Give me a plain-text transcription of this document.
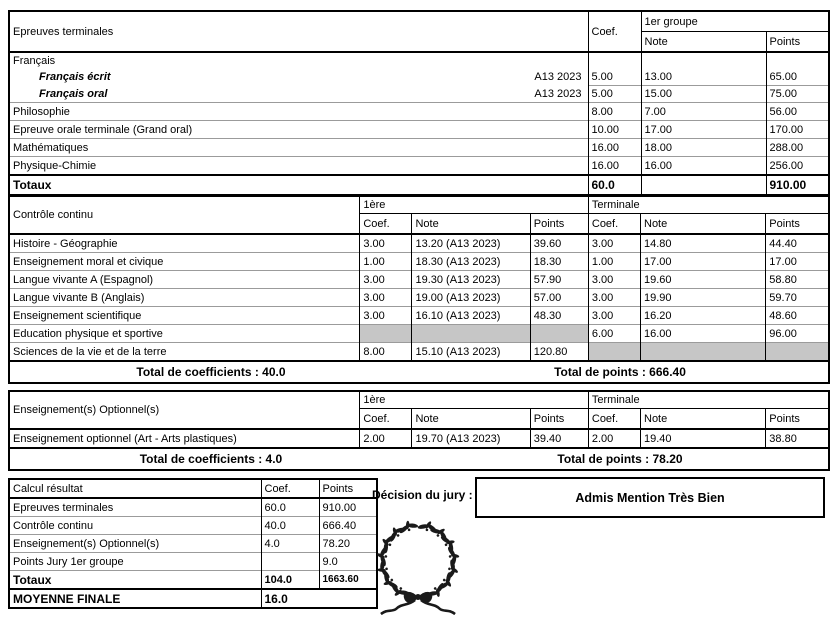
Epreuves terminales	Coef.	1er groupe	
		Note	Points
Français			

Français écrit A13 2023	5.00	13.00	65.00

Français oral A13 2023	5.00	15.00	75.00
Philosophie	8.00	7.00	56.00
Epreuve orale terminale (Grand oral)	10.00	17.00	170.00
Mathématiques	16.00	18.00	288.00
Physique-Chimie	16.00	16.00	256.00
Totaux	60.0		910.00
Contrôle continu	1ère			Terminale		
	Coef.	Note	Points	Coef.	Note	Points
Histoire - Géographie	3.00	13.20 (A13 2023)	39.60	3.00	14.80	44.40
Enseignement moral et civique	1.00	18.30 (A13 2023)	18.30	1.00	17.00	17.00
Langue vivante A (Espagnol)	3.00	19.30 (A13 2023)	57.90	3.00	19.60	58.80
Langue vivante B (Anglais)	3.00	19.00 (A13 2023)	57.00	3.00	19.90	59.70
Enseignement scientifique	3.00	16.10 (A13 2023)	48.30	3.00	16.20	48.60
Education physique et sportive				6.00	16.00	96.00
Sciences de la vie et de la terre	8.00	15.10 (A13 2023)	120.80			
Total de coefficients : 40.0		Total de points : 666.40				
Enseignement(s) Optionnel(s)	1ère			Terminale		
	Coef.	Note	Points	Coef.	Note	Points
Enseignement optionnel (Art - Arts plastiques)	2.00	19.70 (A13 2023)	39.40	2.00	19.40	38.80
Total de coefficients : 4.0		Total de points : 78.20				
Calcul résultat	Coef.	Points
Epreuves terminales	60.0	910.00
Contrôle continu	40.0	666.40
Enseignement(s) Optionnel(s)	4.0	78.20
Points Jury 1er groupe		9.0
Totaux	104.0	1663.60
MOYENNE FINALE	16.0	
Décision du jury :	Admis Mention Très Bien
